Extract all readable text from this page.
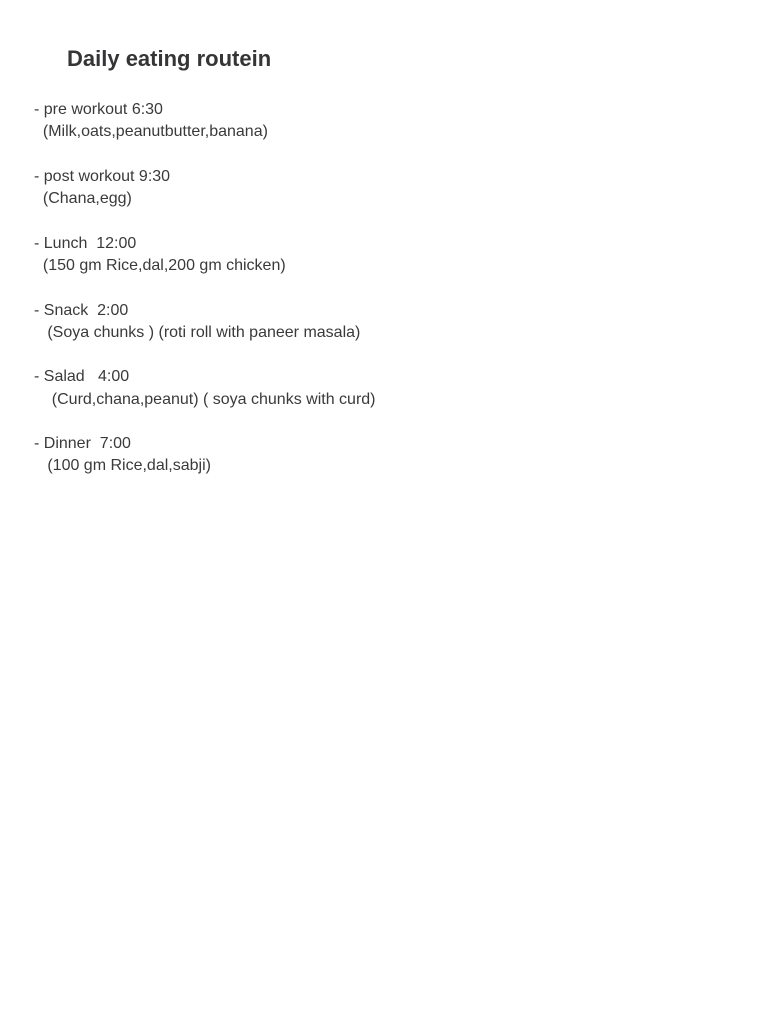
Daily eating routein

- pre workout 6:30

(Milk,oats,peanutbutter,banana)

- post workout 9:30

(Chana,egg)

- Lunch  12:00

(150 gm Rice,dal,200 gm chicken)

- Snack  2:00

(Soya chunks ) (roti roll with paneer masala)

- Salad   4:00

(Curd,chana,peanut) ( soya chunks with curd)

- Dinner  7:00

(100 gm Rice,dal,sabji)
